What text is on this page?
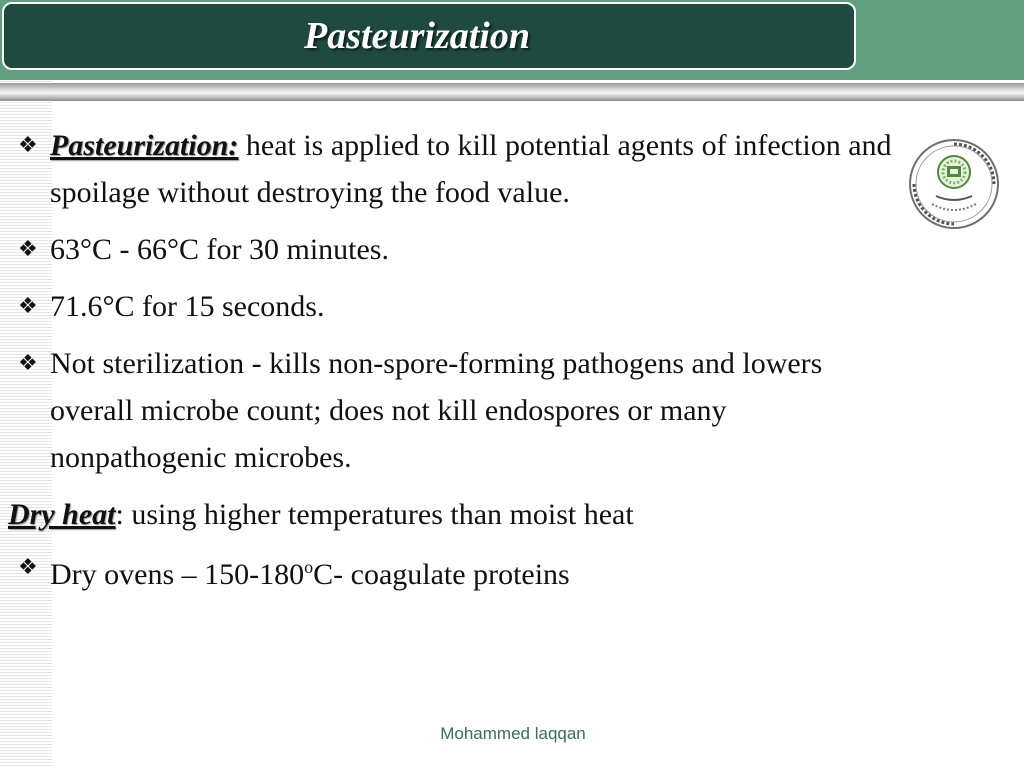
Pasteurization
❖ Pasteurization: heat is applied to kill potential agents of infection and spoilage without destroying the food value.
❖ 63°C - 66°C for 30 minutes.
❖ 71.6°C for 15 seconds.
❖ Not sterilization - kills non-spore-forming pathogens and lowers overall microbe count; does not kill endospores or many nonpathogenic microbes.
Dry heat: using higher temperatures than moist heat
❖ Dry ovens – 150-180$^o$C- coagulate proteins
Mohammed laqqan
